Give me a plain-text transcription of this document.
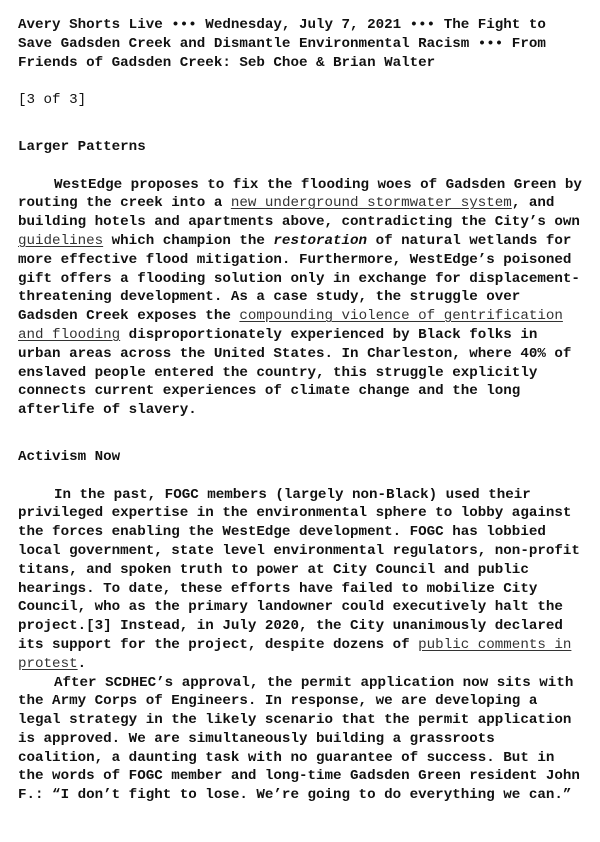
Avery Shorts Live ••• Wednesday, July 7, 2021 ••• The Fight to Save Gadsden Creek and Dismantle Environmental Racism ••• From Friends of Gadsden Creek: Seb Choe & Brian Walter

[3 of 3]

Larger Patterns

WestEdge proposes to fix the flooding woes of Gadsden Green by routing the creek into a new underground stormwater system, and building hotels and apartments above, contradicting the City’s own guidelines which champion the restoration of natural wetlands for more effective flood mitigation. Furthermore, WestEdge’s poisoned gift offers a flooding solution only in exchange for displacement-threatening development. As a case study, the struggle over Gadsden Creek exposes the compounding violence of gentrification and flooding disproportionately experienced by Black folks in urban areas across the United States. In Charleston, where 40% of enslaved people entered the country, this struggle explicitly connects current experiences of climate change and the long afterlife of slavery.

Activism Now

In the past, FOGC members (largely non-Black) used their privileged expertise in the environmental sphere to lobby against the forces enabling the WestEdge development. FOGC has lobbied local government, state level environmental regulators, non-profit titans, and spoken truth to power at City Council and public hearings. To date, these efforts have failed to mobilize City Council, who as the primary landowner could executively halt the project.[3] Instead, in July 2020, the City unanimously declared its support for the project, despite dozens of public comments in protest.

After SCDHEC’s approval, the permit application now sits with the Army Corps of Engineers. In response, we are developing a legal strategy in the likely scenario that the permit application is approved. We are simultaneously building a grassroots coalition, a daunting task with no guarantee of success. But in the words of FOGC member and long-time Gadsden Green resident John F.: “I don’t fight to lose. We’re going to do everything we can.”
